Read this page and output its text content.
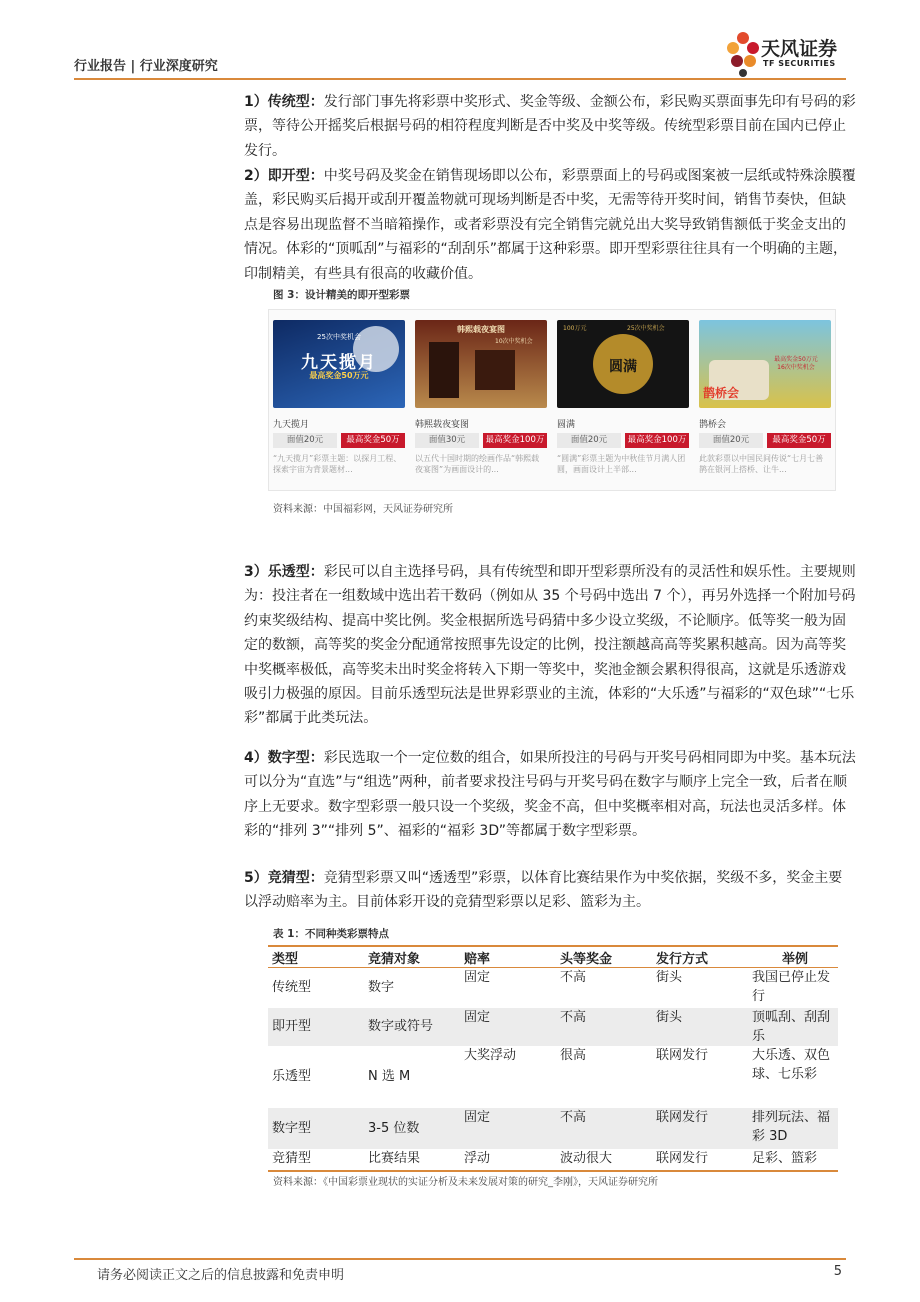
行业报告 | 行业深度研究
天风证券
TF SECURITIES
1）传统型：发行部门事先将彩票中奖形式、奖金等级、金额公布，彩民购买票面事先印有号码的彩票，等待公开摇奖后根据号码的相符程度判断是否中奖及中奖等级。传统型彩票目前在国内已停止发行。
2）即开型：中奖号码及奖金在销售现场即以公布，彩票票面上的号码或图案被一层纸或特殊涂膜覆盖，彩民购买后揭开或刮开覆盖物就可现场判断是否中奖，无需等待开奖时间，销售节奏快，但缺点是容易出现监督不当暗箱操作，或者彩票没有完全销售完就兑出大奖导致销售额低于奖金支出的情况。体彩的“顶呱刮”与福彩的“刮刮乐”都属于这种彩票。即开型彩票往往具有一个明确的主题，印制精美，有些具有很高的收藏价值。
图 3：设计精美的即开型彩票
25次中奖机会
九天揽月
最高奖金50万元
九天揽月
面值20元	最高奖金50万
“九天揽月”彩票主题：以探月工程、探索宇宙为背景题材...
韩熙载夜宴图
10次中奖机会
韩熙载夜宴图
面值30元	最高奖金100万
以五代十国时期的绘画作品“韩熙载夜宴图”为画面设计的...
圆满
25次中奖机会
100万元
圆满
面值20元	最高奖金100万
“圆满”彩票主题为中秋佳节月满人团圆，画面设计上半部...
鹊桥会
最高奖金50万元
16次中奖机会
鹊桥会
面值20元	最高奖金50万
此款彩票以中国民间传说“七月七善鹊在银河上搭桥、让牛...
资料来源：中国福彩网，天风证券研究所
3）乐透型：彩民可以自主选择号码，具有传统型和即开型彩票所没有的灵活性和娱乐性。主要规则为：投注者在一组数域中选出若干数码（例如从 35 个号码中选出 7 个），再另外选择一个附加号码约束奖级结构、提高中奖比例。奖金根据所选号码猜中多少设立奖级，不论顺序。低等奖一般为固定的数额，高等奖的奖金分配通常按照事先设定的比例，投注额越高高等奖累积越高。因为高等奖中奖概率极低，高等奖未出时奖金将转入下期一等奖中，奖池金额会累积得很高，这就是乐透游戏吸引力极强的原因。目前乐透型玩法是世界彩票业的主流，体彩的“大乐透”与福彩的“双色球”“七乐彩”都属于此类玩法。
4）数字型：彩民选取一个一定位数的组合，如果所投注的号码与开奖号码相同即为中奖。基本玩法可以分为“直选”与“组选”两种，前者要求投注号码与开奖号码在数字与顺序上完全一致，后者在顺序上无要求。数字型彩票一般只设一个奖级，奖金不高，但中奖概率相对高，玩法也灵活多样。体彩的“排列 3”“排列 5”、福彩的“福彩 3D”等都属于数字型彩票。
5）竞猜型：竞猜型彩票又叫“透透型”彩票，以体育比赛结果作为中奖依据，奖级不多，奖金主要以浮动赔率为主。目前体彩开设的竞猜型彩票以足彩、篮彩为主。
表 1：不同种类彩票特点
类型	竞猜对象	赔率	头等奖金	发行方式	举例
传统型	数字	固定	不高	街头	我国已停止发行
即开型	数字或符号	固定	不高	街头	顶呱刮、刮刮乐
乐透型	N 选 M	大奖浮动	很高	联网发行	大乐透、双色球、七乐彩
数字型	3-5 位数	固定	不高	联网发行	排列玩法、福彩 3D
竞猜型	比赛结果	浮动	波动很大	联网发行	足彩、篮彩
资料来源：《中国彩票业现状的实证分析及未来发展对策的研究_李刚》，天风证券研究所
请务必阅读正文之后的信息披露和免责申明	5
